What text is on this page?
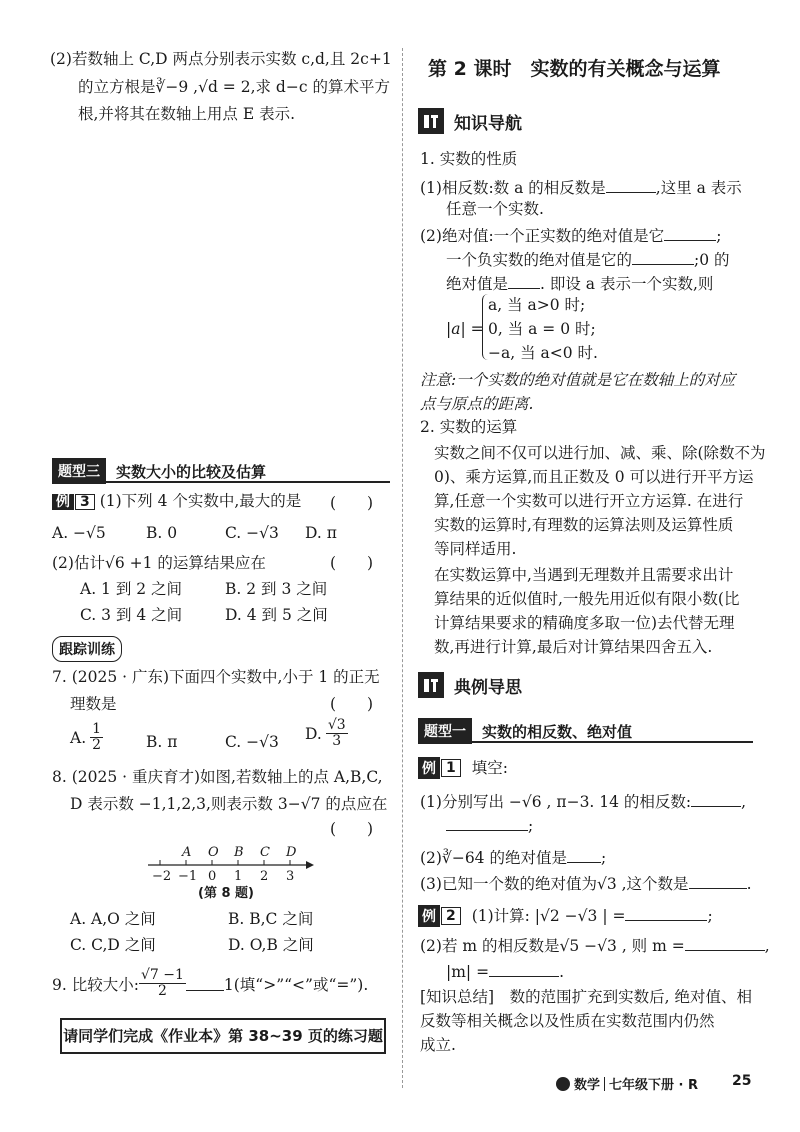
(2)若数轴上 C,D 两点分别表示实数 c,d,且 2c+1
的立方根是∛−9 ,√d = 2,求 d−c 的算术平方
根,并将其在数轴上用点 E 表示.
题型三	实数大小的比较及估算
例 3 (1)下列 4 个实数中,最大的是 (　　)
A. −√5	B. 0	C. −√3 D. π
(2)估计√6 +1 的运算结果应在	(　　)
A. 1 到 2 之间	B. 2 到 3 之间
C. 3 到 4 之间	D. 4 到 5 之间
跟踪训练
7. (2025 · 广东)下面四个实数中,小于 1 的正无
理数是	(　　)
A. $\frac{1}{2}$	B. π	C. −√3 D. $\frac{√3}{3}$
8. (2025 · 重庆育才)如图,若数轴上的点 A,B,C,
D 表示数 −1,1,2,3,则表示数 3−√7 的点应在
(　　)
A O B C D
−2 −1 0 1 2 3
(第 8 题)
A. A,O 之间	B. B,C 之间
C. C,D 之间	D. O,B 之间
9. 比较大小: $\frac{√7 -1}{2} 1$(填“>”“<”或“=”).
请同学们完成《作业本》第 38~39 页的练习题
第 2 课时　实数的有关概念与运算
知识导航
1. 实数的性质
(1)相反数:数 a 的相反数是	,这里 a 表示
任意一个实数.
(2)绝对值:一个正实数的绝对值是它	;
一个负实数的绝对值是它的	;0 的
绝对值是 . 即设 a 表示一个实数,则
|a| =
a, 当 a>0 时;
0, 当 a = 0 时;
−a, 当 a<0 时.
注意:一个实数的绝对值就是它在数轴上的对应
点与原点的距离.
2. 实数的运算
实数之间不仅可以进行加、减、乘、除(除数不为
0)、乘方运算,而且正数及 0 可以进行开平方运
算,任意一个实数可以进行开立方运算. 在进行
实数的运算时,有理数的运算法则及运算性质
等同样适用.
在实数运算中,当遇到无理数并且需要求出计
算结果的近似值时,一般先用近似有限小数(比
计算结果要求的精确度多取一位)去代替无理
数,再进行计算,最后对计算结果四舍五入.
典例导思
题型一	实数的相反数、绝对值
例 1	填空:
(1)分别写出 −√6 , π−3. 14 的相反数:	,
;
(2)∛−64 的绝对值是 ;
(3)已知一个数的绝对值为√3 ,这个数是	.
例 2	(1)计算: |√2 −√3 | =	;
(2)若 m 的相反数是√5 −√3 , 则 m =	,
|m| =	.
[知识总结]　数的范围扩充到实数后, 绝对值、相
反数等相关概念以及性质在实数范围内仍然
成立.
数学 七年级下册 · R 25
